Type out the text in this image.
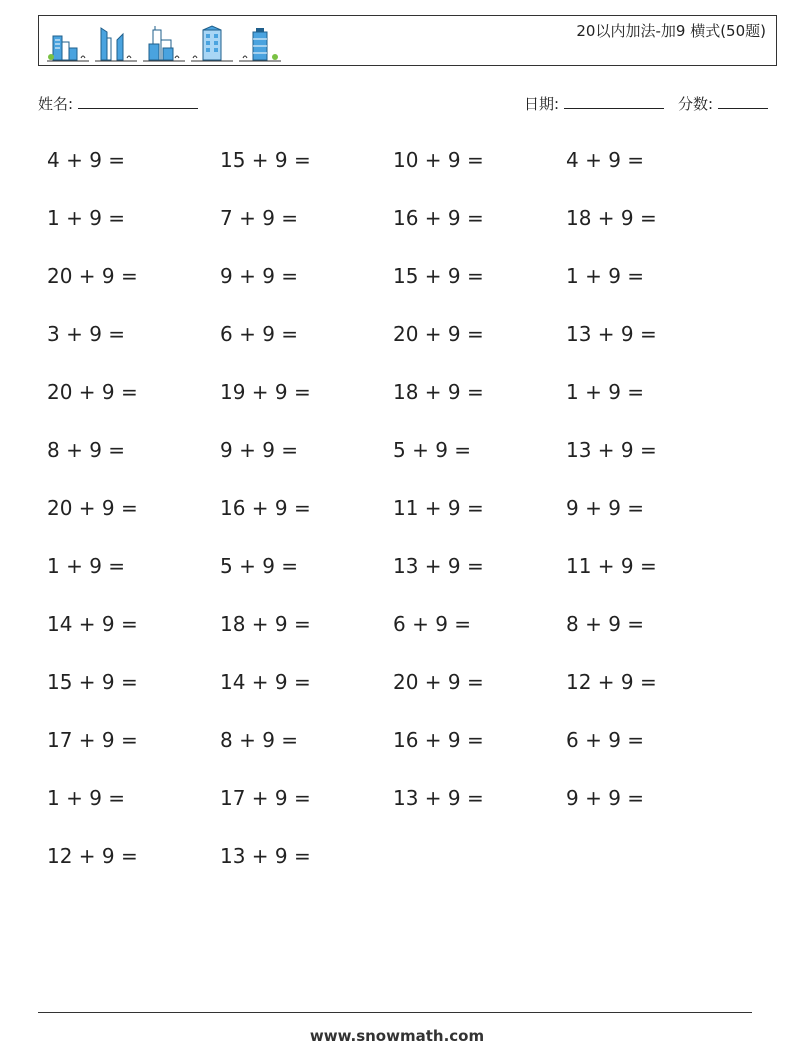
20以内加法-加9 横式(50题)
姓名:	日期:	分数:
4 + 9 =	15 + 9 =	10 + 9 =	4 + 9 =
1 + 9 =	7 + 9 =	16 + 9 =	18 + 9 =
20 + 9 =	9 + 9 =	15 + 9 =	1 + 9 =
3 + 9 =	6 + 9 =	20 + 9 =	13 + 9 =
20 + 9 =	19 + 9 =	18 + 9 =	1 + 9 =
8 + 9 =	9 + 9 =	5 + 9 =	13 + 9 =
20 + 9 =	16 + 9 =	11 + 9 =	9 + 9 =
1 + 9 =	5 + 9 =	13 + 9 =	11 + 9 =
14 + 9 =	18 + 9 =	6 + 9 =	8 + 9 =
15 + 9 =	14 + 9 =	20 + 9 =	12 + 9 =
17 + 9 =	8 + 9 =	16 + 9 =	6 + 9 =
1 + 9 =	17 + 9 =	13 + 9 =	9 + 9 =
12 + 9 =	13 + 9 =
www.snowmath.com
